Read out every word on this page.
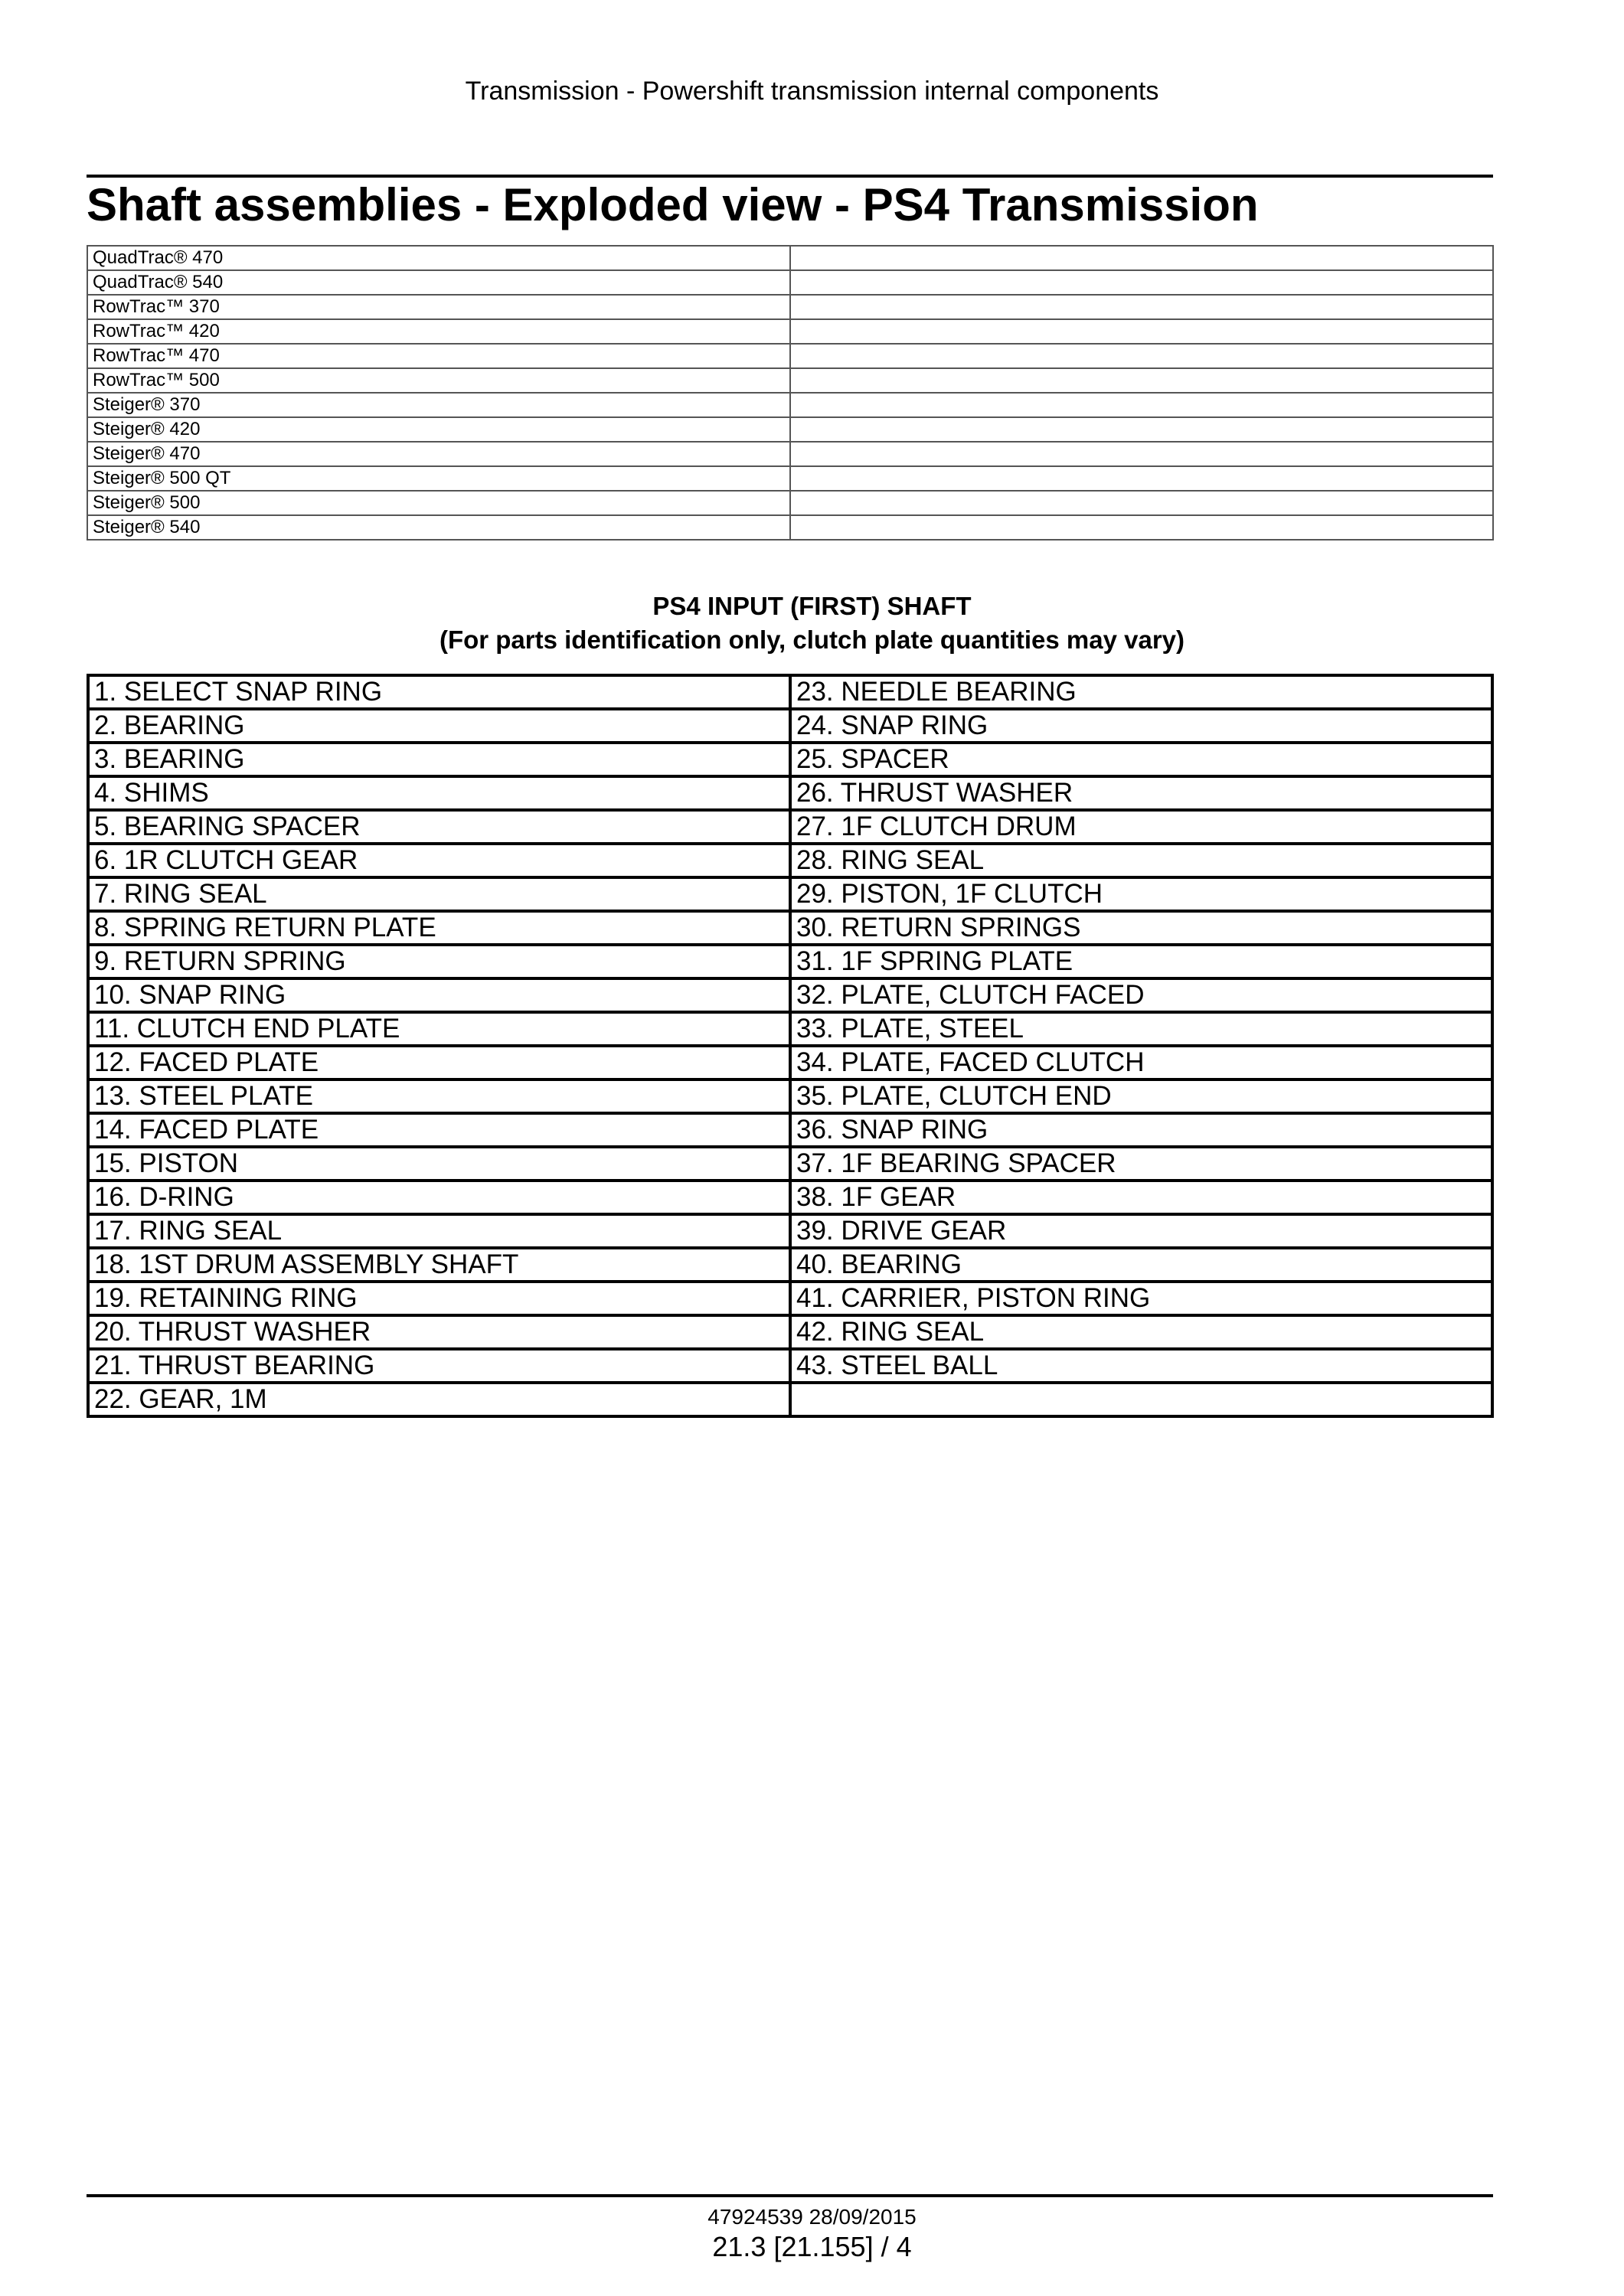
Transmission - Powershift transmission internal components
Shaft assemblies - Exploded view - PS4 Transmission
QuadTrac® 470	
QuadTrac® 540	
RowTrac™ 370	
RowTrac™ 420	
RowTrac™ 470	
RowTrac™ 500	
Steiger® 370	
Steiger® 420	
Steiger® 470	
Steiger® 500 QT	
Steiger® 500	
Steiger® 540	
PS4 INPUT (FIRST) SHAFT
(For parts identification only, clutch plate quantities may vary)
1. SELECT SNAP RING	23. NEEDLE BEARING
2. BEARING	24. SNAP RING
3. BEARING	25. SPACER
4. SHIMS	26. THRUST WASHER
5. BEARING SPACER	27. 1F CLUTCH DRUM
6. 1R CLUTCH GEAR	28. RING SEAL
7. RING SEAL	29. PISTON, 1F CLUTCH
8. SPRING RETURN PLATE	30. RETURN SPRINGS
9. RETURN SPRING	31. 1F SPRING PLATE
10. SNAP RING	32. PLATE, CLUTCH FACED
11. CLUTCH END PLATE	33. PLATE, STEEL
12. FACED PLATE	34. PLATE, FACED CLUTCH
13. STEEL PLATE	35. PLATE, CLUTCH END
14. FACED PLATE	36. SNAP RING
15. PISTON	37. 1F BEARING SPACER
16. D-RING	38. 1F GEAR
17. RING SEAL	39. DRIVE GEAR
18. 1ST DRUM ASSEMBLY SHAFT	40. BEARING
19. RETAINING RING	41. CARRIER, PISTON RING
20. THRUST WASHER	42. RING SEAL
21. THRUST BEARING	43. STEEL BALL
22. GEAR, 1M	
47924539 28/09/2015
21.3 [21.155] / 4
